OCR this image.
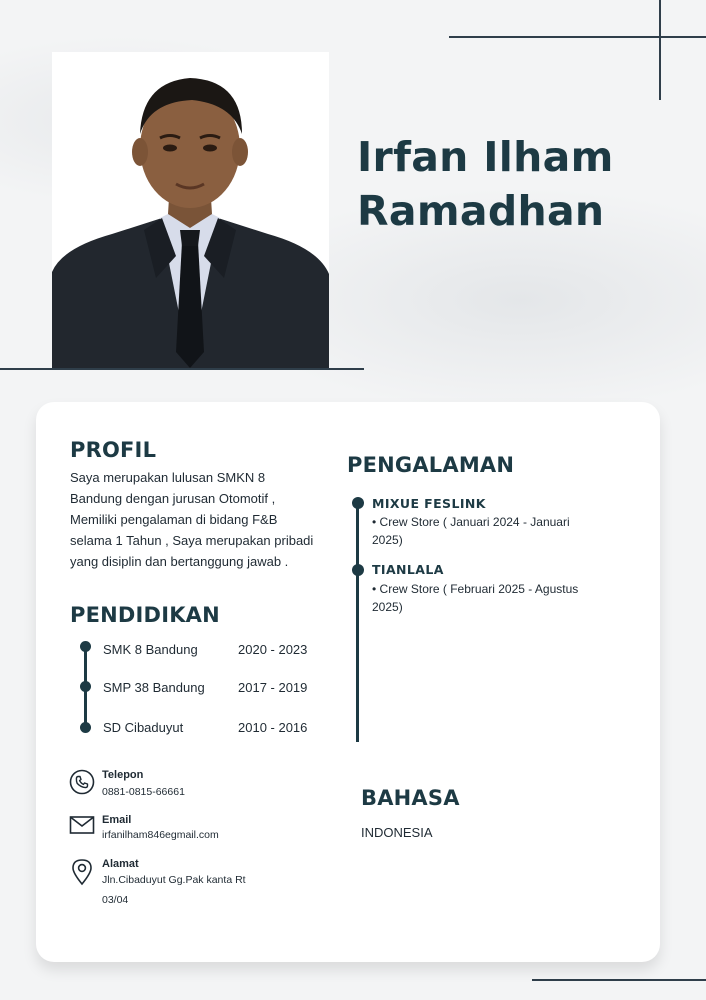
Irfan Ilham
Ramadhan
PROFIL
Saya merupakan lulusan SMKN 8 Bandung dengan jurusan Otomotif , Memiliki pengalaman di bidang F&B selama 1 Tahun , Saya merupakan pribadi yang disiplin dan bertanggung jawab .
PENDIDIKAN
SMK 8 Bandung	2020 - 2023
SMP 38 Bandung	2017 - 2019
SD Cibaduyut	2010 - 2016
PENGALAMAN
MIXUE FESLINK
• Crew Store ( Januari 2024 - Januari 2025)
TIANLALA
• Crew Store ( Februari 2025 - Agustus 2025)
Telepon
0881-0815-66661
Email
irfanilham846egmail.com
Alamat
Jln.Cibaduyut Gg.Pak kanta Rt 03/04
BAHASA
INDONESIA
